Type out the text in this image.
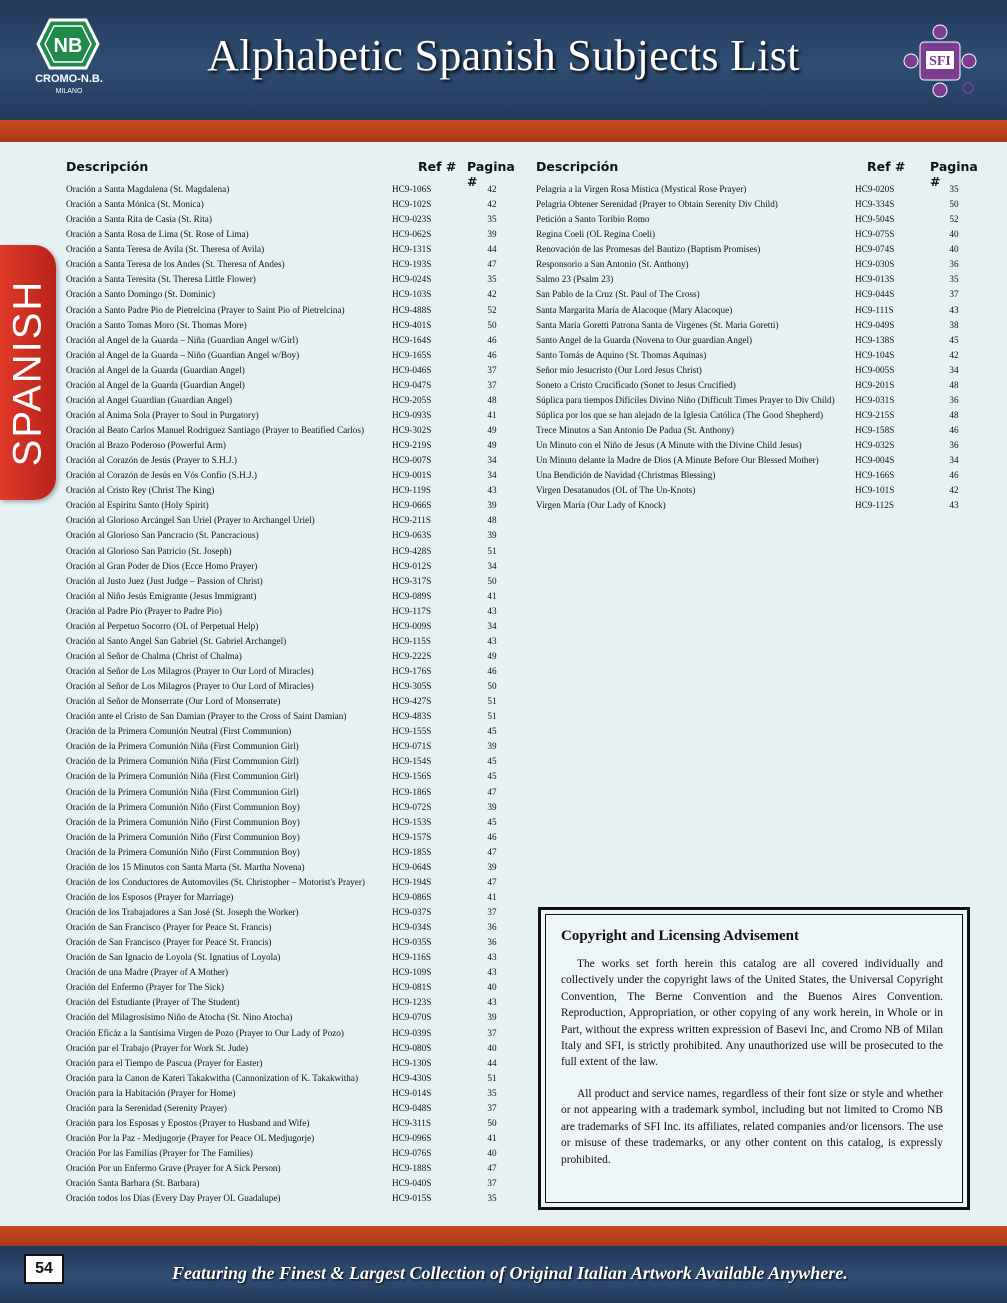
Alphabetic Spanish Subjects List
NB
CROMO-N.B.
MILANO
SFI
SPANISH
Descripción	Ref # Pagina #
Oración a Santa Magdalena (St. Magdalena)	HC9-106S	42
Oración a Santa Mónica (St. Monica)	HC9-102S	42
Oración a Santa Rita de Casia (St. Rita)	HC9-023S	35
Oración a Santa Rosa de Lima (St. Rose of Lima)	HC9-062S	39
Oración a Santa Teresa de Avila (St. Theresa of Avila)	HC9-131S	44
Oración a Santa Teresa de los Andes (St. Theresa of Andes)	HC9-193S	47
Oración a Santa Teresita (St. Theresa Little Flower)	HC9-024S	35
Oración a Santo Domingo (St. Dominic)	HC9-103S	42
Oración a Santo Padre Pio de Pietrelcina (Prayer to Saint Pio of Pietrelcina)	HC9-488S	52
Oración a Santo Tomas Moro (St. Thomas More)	HC9-401S	50
Oración al Angel de la Guarda – Niña (Guardian Angel w/Girl)	HC9-164S	46
Oración al Angel de la Guarda – Niño (Guardian Angel w/Boy)	HC9-165S	46
Oración al Angel de la Guarda (Guardian Angel)	HC9-046S	37
Oración al Angel de la Guarda (Guardian Angel)	HC9-047S	37
Oración al Angel Guardian (Guardian Angel)	HC9-205S	48
Oración al Anima Sola (Prayer to Soul in Purgatory)	HC9-093S	41
Oración al Beato Carlos Manuel Rodriguez Santiago (Prayer to Beatified Carlos)	HC9-302S	49
Oración al Brazo Poderoso (Powerful Arm)	HC9-219S	49
Oración al Corazón de Jesús (Prayer to S.H.J.)	HC9-007S	34
Oración al Corazón de Jesús en Vós Confío (S.H.J.)	HC9-001S	34
Oración al Cristo Rey (Christ The King)	HC9-119S	43
Oración al Espíritu Santo (Holy Spirit)	HC9-066S	39
Oración al Glorioso Arcángel San Uriel (Prayer to Archangel Uriel)	HC9-211S	48
Oración al Glorioso San Pancracio (St. Pancracious)	HC9-063S	39
Oración al Glorioso San Patricio (St. Joseph)	HC9-428S	51
Oración al Gran Poder de Dios (Ecce Homo Prayer)	HC9-012S	34
Oración al Justo Juez (Just Judge – Passion of Christ)	HC9-317S	50
Oración al Niño Jesús Emigrante (Jesus Immigrant)	HC9-089S	41
Oración al Padre Pío (Prayer to Padre Pio)	HC9-117S	43
Oración al Perpetuo Socorro (OL of Perpetual Help)	HC9-009S	34
Oración al Santo Angel San Gabriel (St. Gabriel Archangel)	HC9-115S	43
Oración al Señor de Chalma (Christ of Chalma)	HC9-222S	49
Oración al Señor de Los Milagros (Prayer to Our Lord of Miracles)	HC9-176S	46
Oración al Señor de Los Milagros (Prayer to Our Lord of Miracles)	HC9-305S	50
Oración al Señor de Monserrate (Our Lord of Monserrate)	HC9-427S	51
Oración ante el Cristo de San Damian (Prayer to the Cross of Saint Damian)	HC9-483S	51
Oración de la Primera Comunión Neutral (First Communion)	HC9-155S	45
Oración de la Primera Comunión Niña (First Communion Girl)	HC9-071S	39
Oración de la Primera Comunión Niña (First Communion Girl)	HC9-154S	45
Oración de la Primera Comunión Niña (First Communion Girl)	HC9-156S	45
Oración de la Primera Comunión Niña (First Communion Girl)	HC9-186S	47
Oración de la Primera Comunión Niño (First Communion Boy)	HC9-072S	39
Oración de la Primera Comunión Niño (First Communion Boy)	HC9-153S	45
Oración de la Primera Comunión Niño (First Communion Boy)	HC9-157S	46
Oración de la Primera Comunión Niño (First Communion Boy)	HC9-185S	47
Oración de los 15 Minutos con Santa Marta (St. Martha Novena)	HC9-064S	39
Oración de los Conductores de Automoviles (St. Christopher – Motorist's Prayer)	HC9-194S	47
Oración de los Esposos (Prayer for Marriage)	HC9-086S	41
Oración de los Trabajadores a San José (St. Joseph the Worker)	HC9-037S	37
Oración de San Francisco (Prayer for Peace St. Francis)	HC9-034S	36
Oración de San Francisco (Prayer for Peace St. Francis)	HC9-035S	36
Oración de San Ignacio de Loyola (St. Ignatius of Loyola)	HC9-116S	43
Oración de una Madre (Prayer of A Mother)	HC9-109S	43
Oración del Enfermo (Prayer for The Sick)	HC9-081S	40
Oración del Estudiante (Prayer of The Student)	HC9-123S	43
Oración del Milagrosísimo Niño de Atocha (St. Nino Atocha)	HC9-070S	39
Oración Eficáz a la Santísima Virgen de Pozo (Prayer to Our Lady of Pozo)	HC9-039S	37
Oración par el Trabajo (Prayer for Work St. Jude)	HC9-080S	40
Oración para el Tiempo de Pascua (Prayer for Easter)	HC9-130S	44
Oración para la Canon de Kateri Takakwitha (Cannonization of K. Takakwitha)	HC9-430S	51
Oración para la Habitación (Prayer for Home)	HC9-014S	35
Oración para la Serenidad (Serenity Prayer)	HC9-048S	37
Oración para los Esposas y Epostos (Prayer to Husband and Wife)	HC9-311S	50
Oración Por la Paz - Medjugorje (Prayer for Peace OL Medjugorje)	HC9-096S	41
Oración Por las Familias (Prayer for The Families)	HC9-076S	40
Oración Por un Enfermo Grave (Prayer for A Sick Person)	HC9-188S	47
Oración Santa Barbara (St. Barbara)	HC9-040S	37
Oración todos los Días (Every Day Prayer OL Guadalupe)	HC9-015S	35
Descripción	Ref # Pagina #
Pelagria a la Virgen Rosa Mística (Mystical Rose Prayer)	HC9-020S	35
Pelagria Obtener Serenidad (Prayer to Obtain Serenity Div Child)	HC9-334S	50
Petición a Santo Toribio Romo	HC9-504S	52
Regina Coeli (OL Regina Coeli)	HC9-075S	40
Renovación de las Promesas del Bautizo (Baptism Promises)	HC9-074S	40
Responsorio a San Antonio (St. Anthony)	HC9-030S	36
Salmo 23 (Psalm 23)	HC9-013S	35
San Pablo de la Cruz (St. Paul of The Cross)	HC9-044S	37
Santa Margarita María de Alacoque (Mary Alacoque)	HC9-111S	43
Santa María Goretti Patrona Santa de Virgenes (St. Maria Goretti)	HC9-049S	38
Santo Angel de la Guarda (Novena to Our guardian Angel)	HC9-138S	45
Santo Tomás de Aquino (St. Thomas Aquinas)	HC9-104S	42
Señor mío Jesucristo (Our Lord Jesus Christ)	HC9-005S	34
Soneto a Cristo Crucificado (Sonet to Jesus Crucified)	HC9-201S	48
Súplica para tiempos Difíciles Divino Niño (Difficult Times Prayer to Div Child) HC9-031S	36
Súplica por los que se han alejado de la Iglesia Católica (The Good Shepherd)	HC9-215S	48
Trece Minutos a San Antonio De Padua (St. Anthony)	HC9-158S	46
Un Minuto con el Niño de Jesus (A Minute with the Divine Child Jesus)	HC9-032S	36
Un Minuto delante la Madre de Dios (A Minute Before Our Blessed Mother)	HC9-004S	34
Una Bendición de Navidad (Christmas Blessing)	HC9-166S	46
Virgen Desatanudos (OL of The Un-Knots)	HC9-101S	42
Virgen María (Our Lady of Knock)	HC9-112S	43
Copyright and Licensing Advisement
The works set forth herein this catalog are all covered individually and collectively under the copyright laws of the United States, the Universal Copyright Convention, The Berne Convention and the Buenos Aires Convention. Reproduction, Appropriation, or other copying of any work herein, in Whole or in Part, without the express written expression of Basevi Inc, and Cromo NB of Milan Italy and SFI, is strictly prohibited. Any unauthorized use will be prosecuted to the full extent of the law.
All product and service names, regardless of their font size or style and whether or not appearing with a trademark symbol, including but not limited to Cromo NB are trademarks of SFI Inc. its affiliates, related companies and/or licensors. The use or misuse of these trademarks, or any other content on this catalog, is expressly prohibited.
54	Featuring the Finest & Largest Collection of Original Italian Artwork Available Anywhere.
